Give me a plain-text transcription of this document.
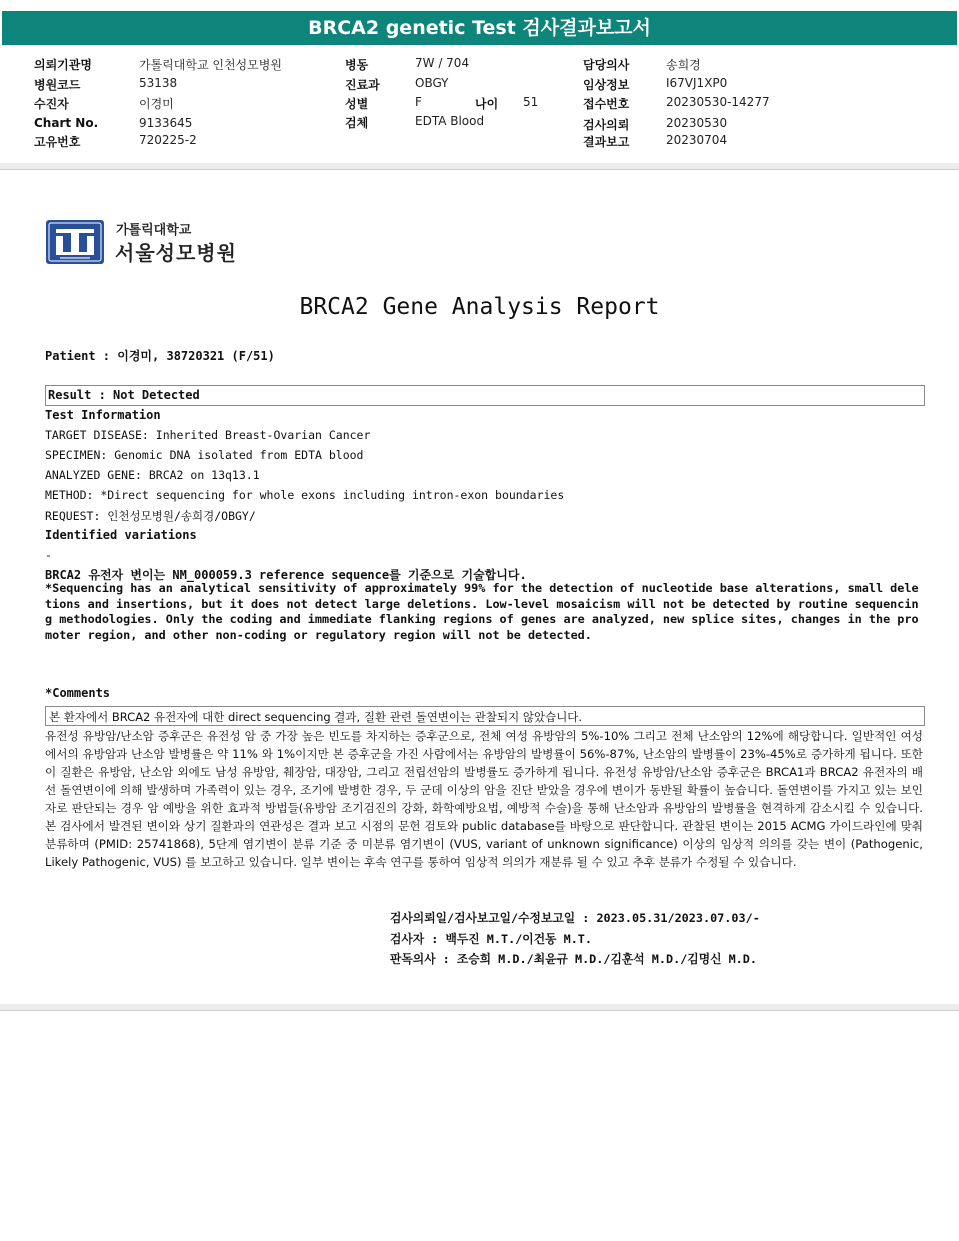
BRCA2 genetic Test 검사결과보고서
의뢰기관명	가톨릭대학교 인천성모병원
병원코드	53138
수진자	이경미
Chart No.	9133645
고유번호	720225-2
병동	7W / 704
진료과	OBGY
성별	F	나이 51
검체	EDTA Blood
담당의사	송희경
임상정보	I67VJ1XP0
접수번호	20230530-14277
검사의뢰	20230530
결과보고	20230704
가톨릭대학교
서울성모병원
BRCA2 Gene Analysis Report
Patient : 이경미, 38720321 (F/51)
Result : Not Detected
Test Information
TARGET DISEASE: Inherited Breast-Ovarian Cancer
SPECIMEN: Genomic DNA isolated from EDTA blood
ANALYZED GENE: BRCA2 on 13q13.1
METHOD: *Direct sequencing for whole exons including intron-exon boundaries
REQUEST: 인천성모병원/송희경/OBGY/
Identified variations
-
BRCA2 유전자 변이는 NM_000059.3 reference sequence를 기준으로 기술합니다.
*Sequencing has an analytical sensitivity of approximately 99% for the detection of nucleotide base alterations, small deletions and insertions, but it does not detect large deletions. Low-level mosaicism will not be detected by routine sequencing methodologies. Only the coding and immediate flanking regions of genes are analyzed, new splice sites, changes in the promoter region, and other non-coding or regulatory region will not be detected.
*Comments
본 환자에서 BRCA2 유전자에 대한 direct sequencing 결과, 질환 관련 돌연변이는 관찰되지 않았습니다.
유전성 유방암/난소암 증후군은 유전성 암 중 가장 높은 빈도를 차지하는 증후군으로, 전체 여성 유방암의 5%-10% 그리고 전체 난소암의 12%에 해당합니다. 일반적인 여성에서의 유방암과 난소암 발병률은 약 11% 와 1%이지만 본 증후군을 가진 사람에서는 유방암의 발병률이 56%-87%, 난소암의 발병률이 23%-45%로 증가하게 됩니다. 또한 이 질환은 유방암, 난소암 외에도 남성 유방암, 췌장암, 대장암, 그리고 전립선암의 발병률도 증가하게 됩니다. 유전성 유방암/난소암 증후군은 BRCA1과 BRCA2 유전자의 배선 돌연변이에 의해 발생하며 가족력이 있는 경우, 조기에 발병한 경우, 두 군데 이상의 암을 진단 받았을 경우에 변이가 동반될 확률이 높습니다. 돌연변이를 가지고 있는 보인자로 판단되는 경우 암 예방을 위한 효과적 방법들(유방암 조기검진의 강화, 화학예방요법, 예방적 수술)을 통해 난소암과 유방암의 발병률을 현격하게 감소시킬 수 있습니다. 본 검사에서 발견된 변이와 상기 질환과의 연관성은 결과 보고 시점의 문헌 검토와 public database를 바탕으로 판단합니다. 관찰된 변이는 2015 ACMG 가이드라인에 맞춰 분류하며 (PMID: 25741868), 5단계 염기변이 분류 기준 중 미분류 염기변이 (VUS, variant of unknown significance) 이상의 임상적 의의를 갖는 변이 (Pathogenic, Likely Pathogenic, VUS) 를 보고하고 있습니다. 일부 변이는 후속 연구를 통하여 임상적 의의가 재분류 될 수 있고 추후 분류가 수정될 수 있습니다.
검사의뢰일/검사보고일/수정보고일 : 2023.05.31/2023.07.03/-
검사자 : 백두진 M.T./이건동 M.T.
판독의사 : 조승희 M.D./최윤규 M.D./김훈석 M.D./김명신 M.D.
